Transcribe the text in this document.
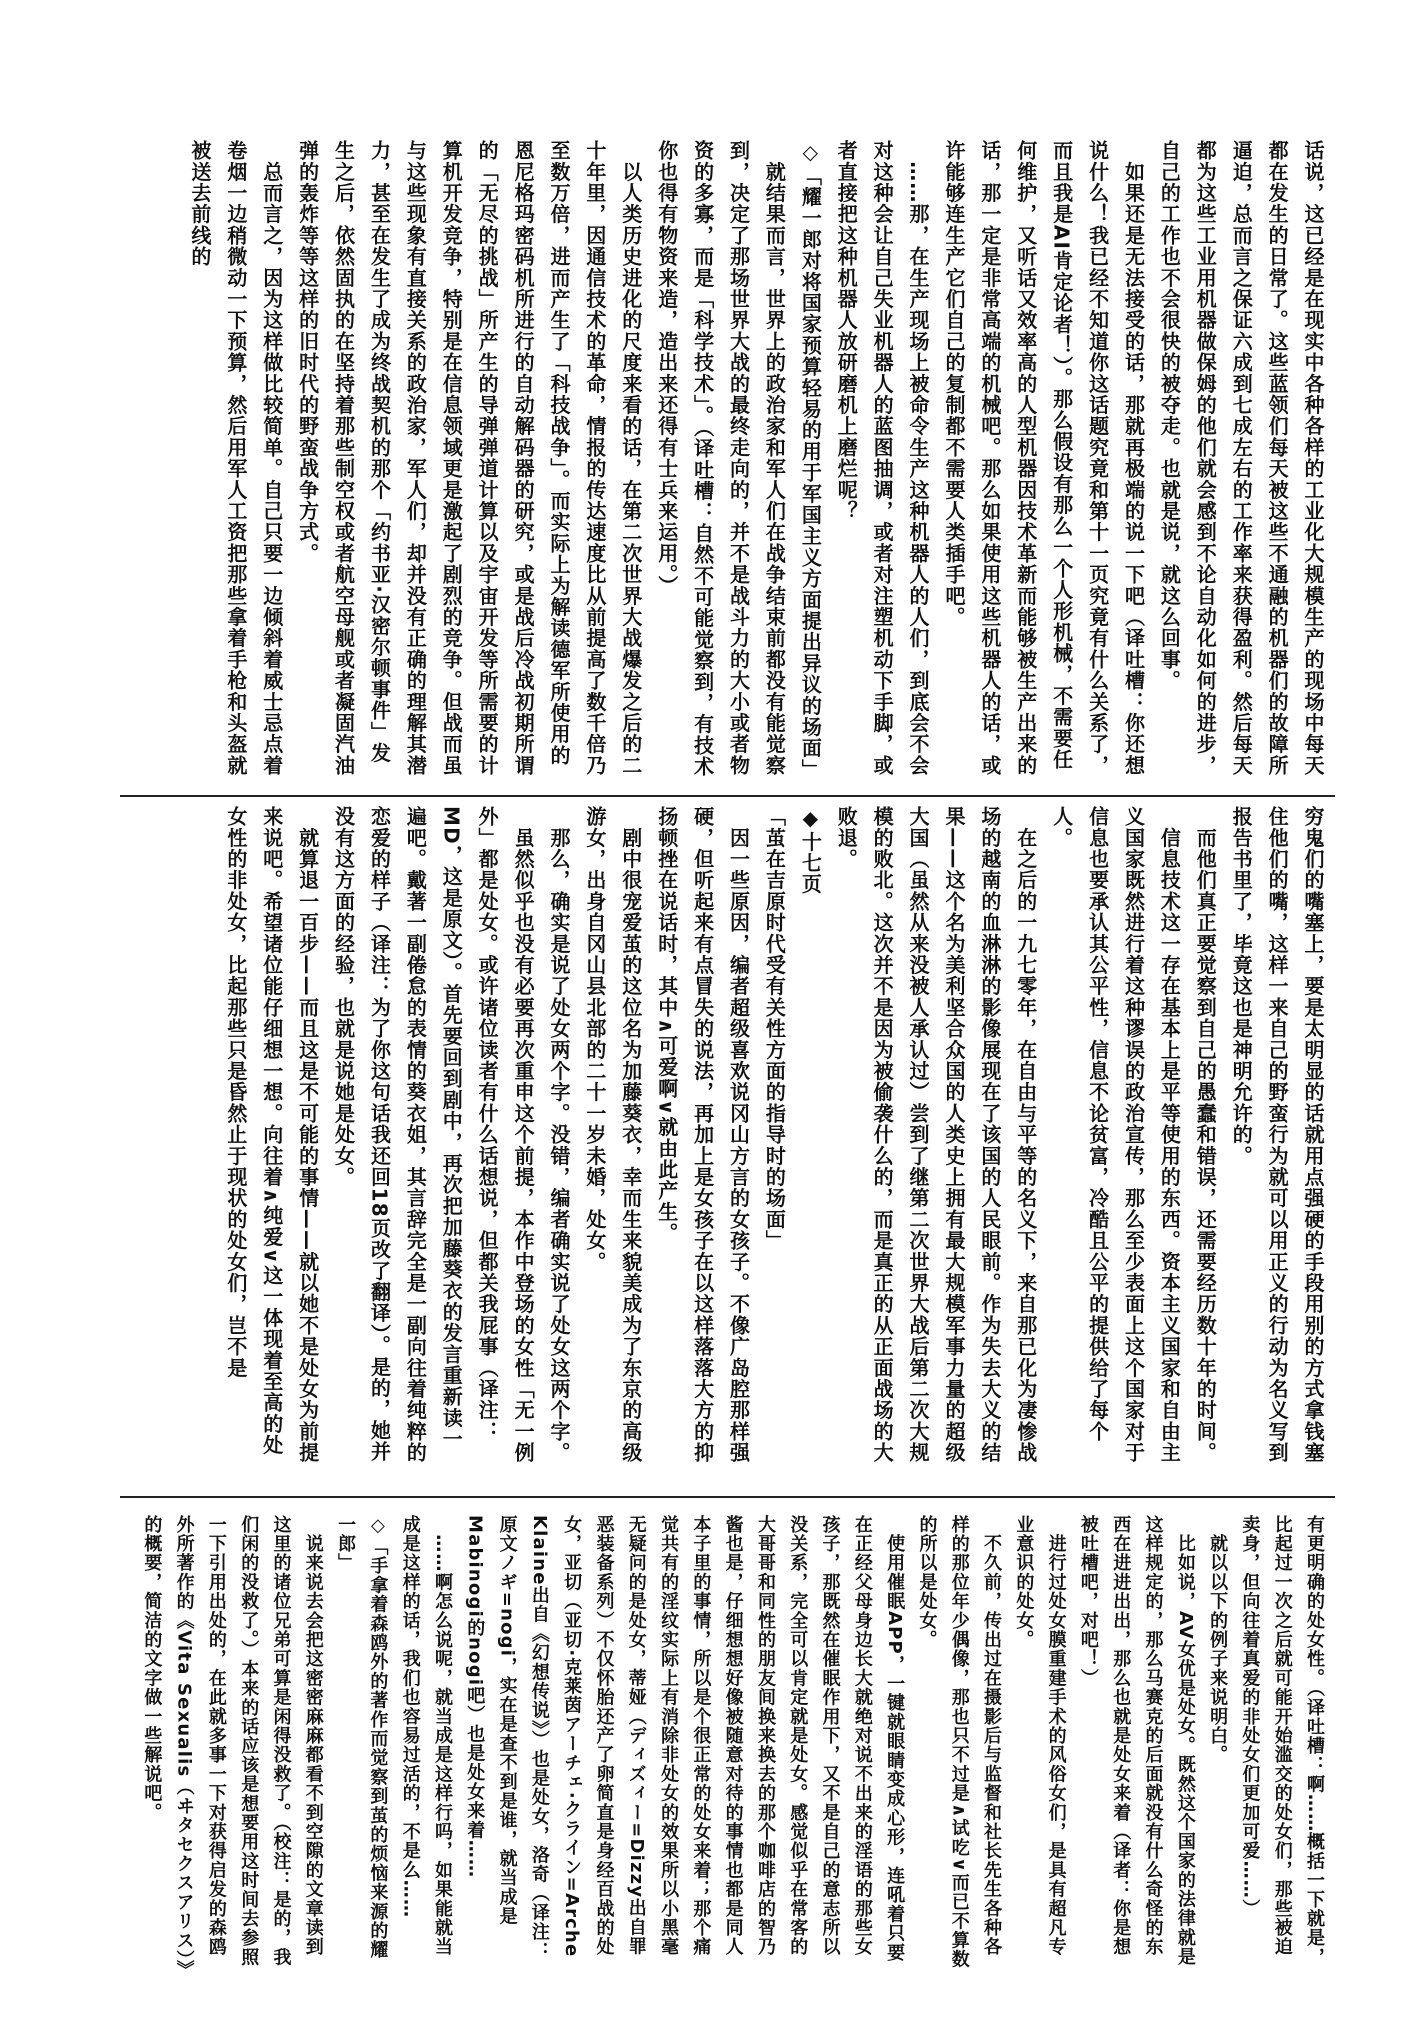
话说，这已经是在现实中各种各样的工业化大规模生产的现场中每天都在发生的日常了。这些蓝领们每天被这些不通融的机器们的故障所逼迫，总而言之保证六成到七成左右的工作率来获得盈利。然后每天都为这些工业用机器做保姆的他们就会感到不论自动化如何的进步，自己的工作也不会很快的被夺走。也就是说，就这么回事。
　如果还是无法接受的话，那就再极端的说一下吧（译吐槽：你还想说什么！我已经不知道你这话题究竟和第十一页究竟有什么关系了，而且我是AI肯定论者！）。那么假设有那么一个人形机械，不需要任何维护，又听话又效率高的人型机器因技术革新而能够被生产出来的话，那一定是非常高端的机械吧。那么如果使用这些机器人的话，或许能够连生产它们自己的复制都不需要人类插手吧。
　……那，在生产现场上被命令生产这种机器人的人们，到底会不会对这种会让自己失业机器人的蓝图抽调，或者对注塑机动下手脚，或者直接把这种机器人放研磨机上磨烂呢？
◇「耀一郎对将国家预算轻易的用于军国主义方面提出异议的场面」
　就结果而言，世界上的政治家和军人们在战争结束前都没有能觉察到，决定了那场世界大战的最终走向的，并不是战斗力的大小或者物资的多寡，而是「科学技术」。（译吐槽：自然不可能觉察到，有技术你也得有物资来造，造出来还得有士兵来运用。）
　以人类历史进化的尺度来看的话，在第二次世界大战爆发之后的二十年里，因通信技术的革命，情报的传达速度比从前提高了数千倍乃至数万倍，进而产生了「科技战争」。而实际上为解读德军所使用的恩尼格玛密码机所进行的自动解码器的研究，或是战后冷战初期所谓的「无尽的挑战」所产生的导弹弹道计算以及宇宙开发等所需要的计算机开发竞争，特别是在信息领域更是激起了剧烈的竞争。但战而虽与这些现象有直接关系的政治家，军人们，却并没有正确的理解其潜力，甚至在发生了成为终战契机的那个「约书亚·汉密尔顿事件」发生之后，依然固执的在坚持着那些制空权或者航空母舰或者凝固汽油弹的轰炸等等这样的旧时代的野蛮战争方式。
　总而言之，因为这样做比较简单。自己只要一边倾斜着威士忌点着卷烟一边稍微动一下预算，然后用军人工资把那些拿着手枪和头盔就被送去前线的

穷鬼们的嘴塞上，要是太明显的话就用点强硬的手段用别的方式拿钱塞住他们的嘴，这样一来自己的野蛮行为就可以用正义的行动为名义写到报告书里了，毕竟这也是神明允许的。
　而他们真正要觉察到自己的愚蠢和错误，还需要经历数十年的时间。
　信息技术这一存在基本上是平等使用的东西。资本主义国家和自由主义国家既然进行着这种谬误的政治宣传，那么至少表面上这个国家对于信息也要承认其公平性，信息不论贫富，冷酷且公平的提供给了每个人。
　在之后的一九七零年，在自由与平等的名义下，来自那已化为凄惨战场的越南的血淋淋的影像展现在了该国的人民眼前。作为失去大义的结果——这个名为美利坚合众国的人类史上拥有最大规模军事力量的超级大国（虽然从来没被人承认过）尝到了继第二次世界大战后第二次大规模的败北。这次并不是因为被偷袭什么的，而是真正的从正面战场的大败退。
◆十七页
「茧在吉原时代受有关性方面的指导时的场面」
　因一些原因，编者超级喜欢说冈山方言的女孩子。不像广岛腔那样强硬，但听起来有点冒失的说法，再加上是女孩子在以这样落落大方的抑扬顿挫在说话时，其中∧可爱啊∨就由此产生。
　剧中很宠爱茧的这位名为加藤葵衣，幸而生来貌美成为了东京的高级游女，出身自冈山县北部的二十一岁未婚，处女。
　那么，确实是说了处女两个字。没错，编者确实说了处女这两个字。
　虽然似乎也没有必要再次重申这个前提，本作中登场的女性「无一例外」都是处女。或许诸位读者有什么话想说，但都关我屁事（译注：MD，这是原文）。首先要回到剧中，再次把加藤葵衣的发言重新读一遍吧。戴著一副倦怠的表情的葵衣姐，其言辞完全是一副向往着纯粹的恋爱的样子（译注：为了你这句话我还回18页改了翻译）。是的，她并没有这方面的经验，也就是说她是处女。
　就算退一百步——而且这是不可能的事情——就以她不是处女为前提来说吧。希望诸位能仔细想一想。向往着∧纯爱∨这一体现着至高的处女性的非处女，比起那些只是昏然止于现状的处女们，岂不是

有更明确的处女性。（译吐槽：啊……概括一下就是，比起过一次之后就可能开始滥交的处女们，那些被迫卖身，但向往着真爱的非处女们更加可爱……）
　就以以下的例子来说明白。
　比如说，AV女优是处女。既然这个国家的法律就是这样规定的，那么马赛克的后面就没有什么奇怪的东西在进进出出，那么也就是处女来着（译者：你是想被吐槽吧，对吧！）
　进行过处女膜重建手术的风俗女们，是具有超凡专业意识的处女。
　不久前，传出过在摄影后与监督和社长先生各种各样的那位年少偶像，那也只不过是∧试吃∨而已不算数的所以是处女。
　使用催眠APP，一键就眼睛变成心形，连吼着只要在正经父母身边长大就绝对说不出来的淫语的那些女孩子，那既然在催眠作用下，又不是自己的意志所以没关系，完全可以肯定就是处女。感觉似乎在常客的大哥哥和同性的朋友间换来换去的那个咖啡店的智乃酱也是，仔细想想好像被随意对待的事情也都是同人本子里的事情，所以是个很正常的处女来着；那个痛觉共有的淫纹实际上有消除非处女的效果所以小黑毫无疑问的是处女，蒂娅（ディズィー=Dizzy出自罪恶装备系列）不仅怀胎还产了卵简直是身经百战的处女，亚切（亚切·克莱茵アーチェ·クライン=Arche Klaine出自《幻想传说》）也是处女，洛奇（译注：原文ノギ=nogi，实在是查不到是谁，就当成是Mabinogi的nogi吧）也是处女来着……
　……啊怎么说呢，就当成是这样行吗，如果能就当成是这样的话，我们也容易过活的，不是么……
◇「手拿着森鸥外的著作而觉察到茧的烦恼来源的耀一郎」
　说来说去会把这密密麻麻都看不到空隙的文章读到这里的诸位兄弟可算是闲得没救了。（校注：是的，我们闲的没救了。）本来的话应该是想要用这时间去参照一下引用出处的，在此就多事一下对获得启发的森鸥外所著作的《Vita Sexualis（ヰタセクスアリス）》的概要，简洁的文字做一些解说吧。
